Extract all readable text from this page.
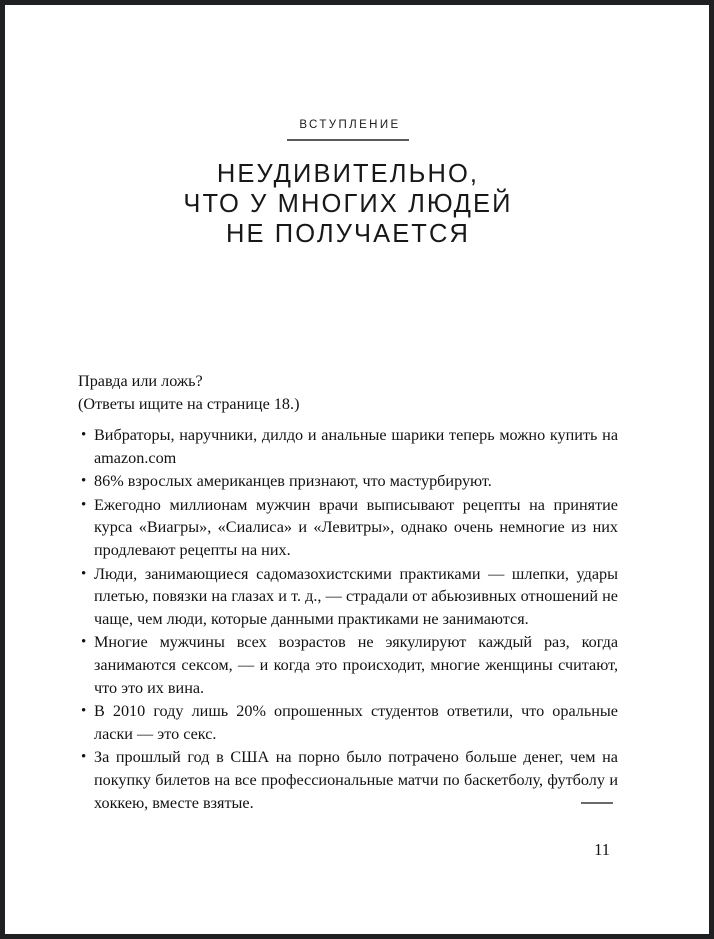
ВСТУПЛЕНИЕ
НЕУДИВИТЕЛЬНО,
ЧТО У МНОГИХ ЛЮДЕЙ
НЕ ПОЛУЧАЕТСЯ
Правда или ложь?
(Ответы ищите на странице 18.)
• Вибраторы, наручники, дилдо и анальные шарики теперь можно купить на amazon.com
• 86% взрослых американцев признают, что мастурбируют.
• Ежегодно миллионам мужчин врачи выписывают рецепты на принятие курса «Виагры», «Сиалиса» и «Левитры», однако очень немногие из них продлевают рецепты на них.
• Люди, занимающиеся садомазохистскими практиками — шлепки, удары плетью, повязки на глазах и т. д., — страдали от абьюзивных отношений не чаще, чем люди, которые данными практиками не занимаются.
• Многие мужчины всех возрастов не эякулируют каждый раз, когда занимаются сексом, — и когда это происходит, многие женщины считают, что это их вина.
• В 2010 году лишь 20% опрошенных студентов ответили, что оральные ласки — это секс.
• За прошлый год в США на порно было потрачено больше денег, чем на покупку билетов на все профессиональные матчи по баскетболу, футболу и хоккею, вместе взятые.
11
